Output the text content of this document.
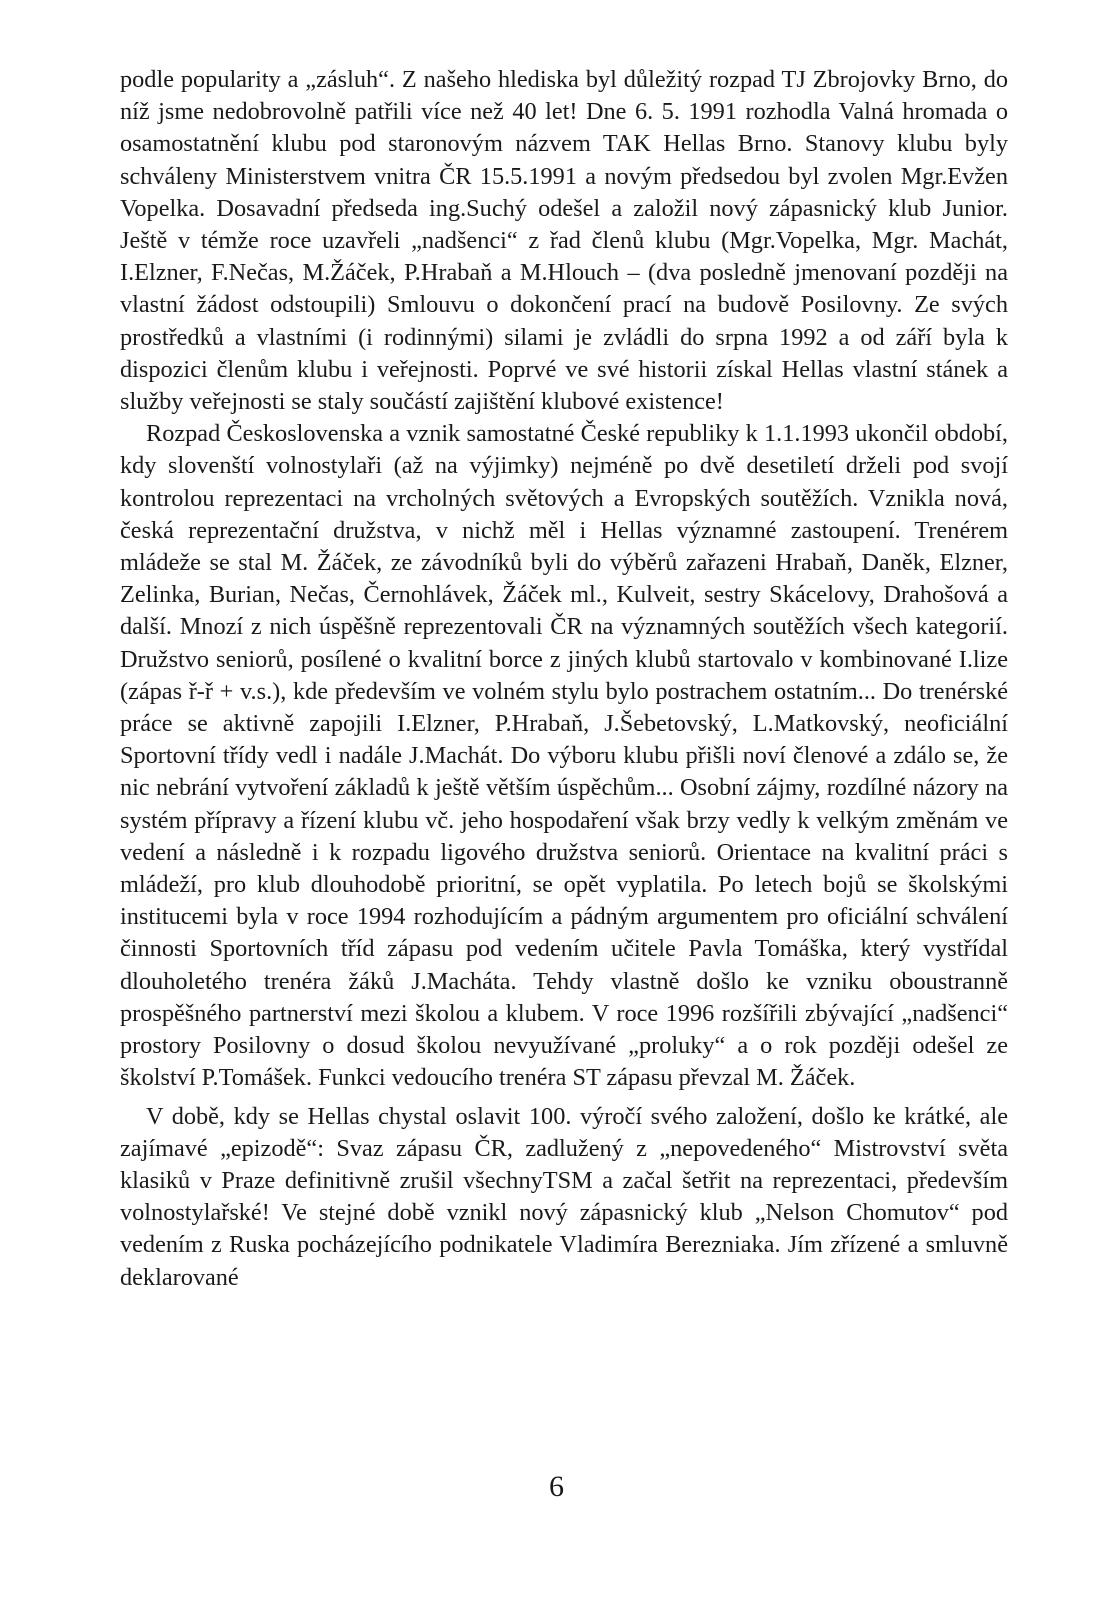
podle popularity a „zásluh“. Z našeho hlediska byl důležitý rozpad TJ Zbrojovky Brno, do níž jsme nedobrovolně patřili více než 40 let! Dne 6. 5. 1991 rozhodla Valná hromada o osamostatnění klubu pod staronovým názvem TAK Hellas Brno. Stanovy klubu byly schváleny Ministerstvem vnitra ČR 15.5.1991 a novým předsedou byl zvolen Mgr.Evžen Vopelka. Dosavadní předseda ing.Suchý odešel a založil nový zápasnický klub Junior. Ještě v témže roce uzavřeli „nadšenci“ z řad členů klubu (Mgr.Vopelka, Mgr. Machát, I.Elzner, F.Nečas, M.Žáček, P.Hrabaň a M.Hlouch – (dva posledně jmenovaní později na vlastní žádost odstoupili) Smlouvu o dokončení prací na budově Posilovny. Ze svých prostředků a vlastními (i rodinnými) silami je zvládli do srpna 1992 a od září byla k dispozici členům klubu i veřejnosti. Poprvé ve své historii získal Hellas vlastní stánek a služby veřejnosti se staly součástí zajištění klubové existence!

Rozpad Československa a vznik samostatné České republiky k 1.1.1993 ukončil období, kdy slovenští volnostylaři (až na výjimky) nejméně po dvě desetiletí drželi pod svojí kontrolou reprezentaci na vrcholných světových a Evropských soutěžích. Vznikla nová, česká reprezentační družstva, v nichž měl i Hellas významné zastoupení. Trenérem mládeže se stal M. Žáček, ze závodníků byli do výběrů zařazeni Hrabaň, Daněk, Elzner, Zelinka, Burian, Nečas, Černohlávek, Žáček ml., Kulveit, sestry Skácelovy, Drahošová a další. Mnozí z nich úspěšně reprezentovali ČR na významných soutěžích všech kategorií. Družstvo seniorů, posílené o kvalitní borce z jiných klubů startovalo v kombinované I.lize (zápas ř-ř + v.s.), kde především ve volném stylu bylo postrachem ostatním... Do trenérské práce se aktivně zapojili I.Elzner, P.Hrabaň, J.Šebetovský, L.Matkovský, neoficiální Sportovní třídy vedl i nadále J.Machát. Do výboru klubu přišli noví členové a zdálo se, že nic nebrání vytvoření základů k ještě větším úspěchům... Osobní zájmy, rozdílné názory na systém přípravy a řízení klubu vč. jeho hospodaření však brzy vedly k velkým změnám ve vedení a následně i k rozpadu ligového družstva seniorů. Orientace na kvalitní práci s mládeží, pro klub dlouhodobě prioritní, se opět vyplatila. Po letech bojů se školskými institucemi byla v roce 1994 rozhodujícím a pádným argumentem pro oficiální schválení činnosti Sportovních tříd zápasu pod vedením učitele Pavla Tomáška, který vystřídal dlouholetého trenéra žáků J.Macháta. Tehdy vlastně došlo ke vzniku oboustranně prospěšného partnerství mezi školou a klubem. V roce 1996 rozšířili zbývající „nadšenci“ prostory Posilovny o dosud školou nevyužívané „proluky“ a o rok později odešel ze školství P.Tomášek. Funkci vedoucího trenéra ST zápasu převzal M. Žáček.

V době, kdy se Hellas chystal oslavit 100. výročí svého založení, došlo ke krátké, ale zajímavé „epizodě“: Svaz zápasu ČR, zadlužený z „nepovedeného“ Mistrovství světa klasiků v Praze definitivně zrušil všechnyTSM a začal šetřit na reprezentaci, především volnostylařské! Ve stejné době vznikl nový zápasnický klub „Nelson Chomutov“ pod vedením z Ruska pocházejícího podnikatele Vladimíra Berezniaka. Jím zřízené a smluvně deklarované

6
